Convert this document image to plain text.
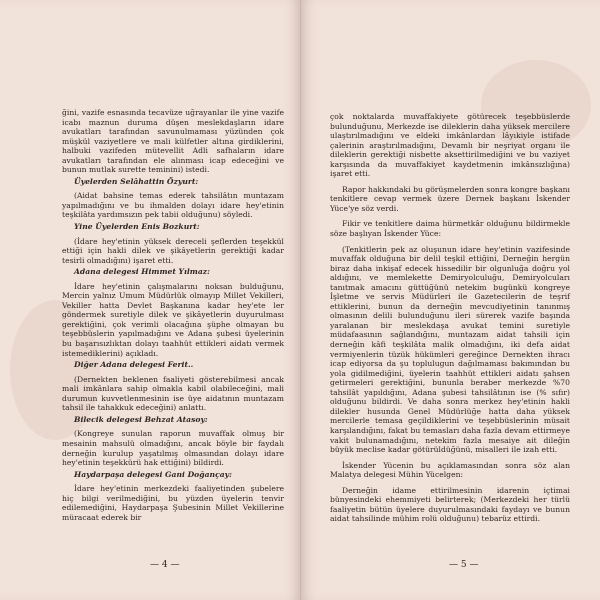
ğini, vazife esnasında tecavüze uğrayanlar ile yine vazife icabı maznun duruma düşen meslekdaşların idare avukatları tarafından savunulmaması yüzünden çok müşkül vaziyetlere ve mali külfetler altına girdiklerini, halbuki vazifeden mütevellit Adli safhaların idare avukatları tarafından ele alınması icap edeceğini ve bunun mutlak surette teminini) istedi.

Üyelerden Selâhattin Özyurt:

(Aidat bahsine temas ederek tahsilâtın muntazam yapılmadığını ve bu ihmalden dolayı idare hey'etinin teşkilâta yardımsızın pek tabii olduğunu) söyledi.

Yine Üyelerden Enis Bozkurt:

(İdare hey'etinin yüksek dereceli şeflerden teşekkül ettiği için hakli dilek ve şikâyetlerin gerektiği kadar tesirli olmadığını) işaret etti.

Adana delegesi Himmet Yılmaz:

İdare hey'etinin çalışmalarını noksan bulduğunu, Mercin yalnız Umum Müdürlük olmayıp Millet Vekilleri, Vekiller hatta Devlet Başkanına kadar hey'ete ler göndermek suretiyle dilek ve şikâyetlerin duyurulması gerektiğini, çok verimli olacağına şüphe olmayan bu teşebbüslerin yapılmadığını ve Adana şubesi üyelerinin bu başarısızlıktan dolayı taahhüt ettikleri aidatı vermek istemediklerini) açıkladı.

Diğer Adana delegesi Ferit..

(Dernekten beklenen faaliyeti gösterebilmesi ancak mali imkânlara sahip olmakla kabil olabileceğini, mali durumun kuvvetlenmesinin ise üye aidatının muntazam tahsil ile tahakkuk edeceğini) anlattı.

Bilecik delegesi Behzat Atasoy:

(Kongreye sunulan raporun muvaffak olmuş bir mesainin mahsulü olmadığını, ancak böyle bir faydalı derneğin kurulup yaşatılmış olmasından dolayı idare hey'etinin teşekkürü hak ettiğini) bildirdi.

Haydarpaşa delegesi Gani Doğançay:

İdare hey'etinin merkezdeki faaliyetinden şubelere hiç bilgi verilmediğini, bu yüzden üyelerin tenvir edilemediğini, Haydarpaşa Şubesinin Millet Vekillerine müracaat ederek bir

— 4 —

çok noktalarda muvaffakiyete götürecek teşebbüslerde bulunduğunu, Merkezde ise dileklerin daha yüksek mercilere ulaştırılmadığını ve eldeki imkânlardan lâyıkiyle istifade çalerinin araştırılmadığını, Devamlı bir neşriyat organı ile dileklerin gerektiği nisbette aksettirilmediğini ve bu vaziyet karşısında da muvaffakiyet kaydetmenin imkânsızlığına) işaret etti.

Rapor hakkındaki bu görüşmelerden sonra kongre başkanı tenkitlere cevap vermek üzere Dernek başkanı İskender Yüce'ye söz verdi.

Fikir ve tenkitlere daima hürmetkâr olduğunu bildirmekle söze başlıyan İskender Yüce:

(Tenkitlerin pek az oluşunun idare hey'etinin vazifesinde muvaffak olduğuna bir delil teşkil ettiğini, Derneğin hergün biraz daha inkişaf edecek hissedilir bir olgunluğa doğru yol aldığını, ve memlekette Demiryolculuğu, Demiryolcuları tanıtmak amacını güttüğünü netekim bugünkü kongreye İşletme ve servis Müdürleri ile Gazetecilerin de teşrif ettiklerini, bunun da derneğin mevcudiyetinin tanınmış olmasının delili bulunduğunu ileri sürerek vazife başında yaralanan bir meslekdaşa avukat temini suretiyle müdafaasının sağlandığını, muntazam aidat tahsili için derneğin kâfi teşkilâta malik olmadığını, iki defa aidat vermiyenlerin tüzük hükümleri gereğince Dernekten ihracı icap ediyorsa da şu toplulugun dağılmaması bakımından bu yola gidilmediğini, üyelerin taahhüt ettikleri aidatı şahsen getirmeleri gerektiğini, bununla beraber merkezde %70 tahsilât yapıldığını, Adana şubesi tahsilâtının ise (% sıfır) olduğunu bildirdi. Ve daha sonra merkez hey'etinin hakli dilekler husunda Genel Müdürlüğe hatta daha yüksek mercilerle temasa geçildiklerini ve teşebbüslerinin müsait karşılandığını, fakat bu temasları daha fazla devam ettirmeye vakit bulunamadığını, netekim fazla mesaiye ait dileğin büyük meclise kadar götürüldüğünü, misalleri ile izah etti.

İskender Yücenin bu açıklamasından sonra söz alan Malatya delegesi Mühin Yücelgen:

Derneğin idame ettirilmesinin idarenin içtimai bünyesindeki ehemmiyeti belirterek; (Merkezdeki her türlü faaliyetin bütün üyelere duyurulmasındaki faydayı ve bunun aidat tahsilinde mühim rolü olduğunu) tebarüz ettirdi.

— 5 —
